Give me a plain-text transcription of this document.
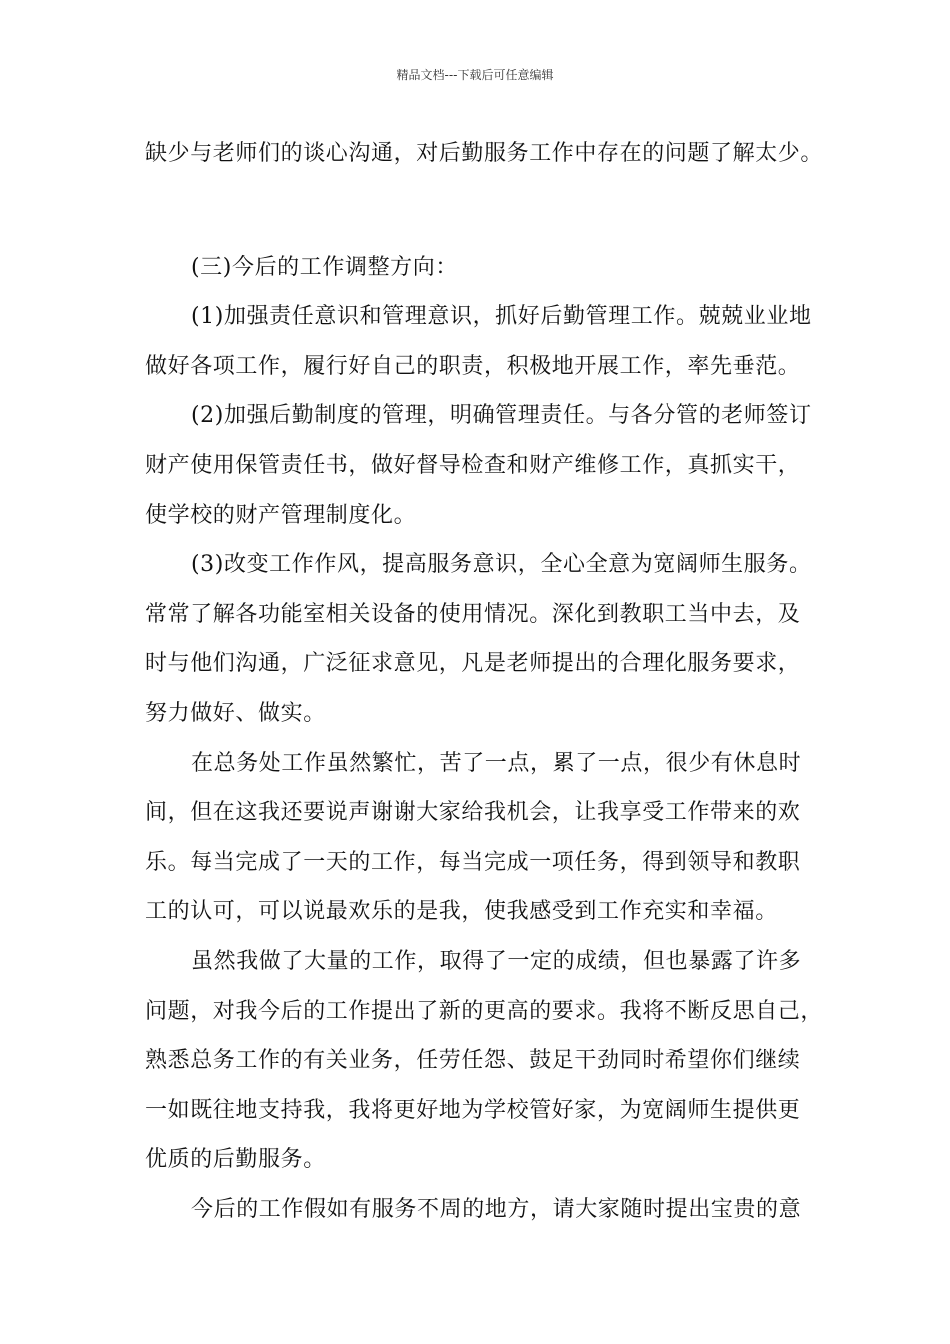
精品文档---下载后可任意编辑
缺少与老师们的谈心沟通，对后勤服务工作中存在的问题了解太少。
(三)今后的工作调整方向：
(1)加强责任意识和管理意识，抓好后勤管理工作。兢兢业业地
做好各项工作，履行好自己的职责，积极地开展工作，率先垂范。
(2)加强后勤制度的管理，明确管理责任。与各分管的老师签订
财产使用保管责任书，做好督导检查和财产维修工作，真抓实干，
使学校的财产管理制度化。
(3)改变工作作风，提高服务意识，全心全意为宽阔师生服务。
常常了解各功能室相关设备的使用情况。深化到教职工当中去，及
时与他们沟通，广泛征求意见，凡是老师提出的合理化服务要求，
努力做好、做实。
在总务处工作虽然繁忙，苦了一点，累了一点，很少有休息时
间，但在这我还要说声谢谢大家给我机会，让我享受工作带来的欢
乐。每当完成了一天的工作，每当完成一项任务，得到领导和教职
工的认可，可以说最欢乐的是我，使我感受到工作充实和幸福。
虽然我做了大量的工作，取得了一定的成绩，但也暴露了许多
问题，对我今后的工作提出了新的更高的要求。我将不断反思自己，
熟悉总务工作的有关业务，任劳任怨、鼓足干劲同时希望你们继续
一如既往地支持我，我将更好地为学校管好家，为宽阔师生提供更
优质的后勤服务。
今后的工作假如有服务不周的地方，请大家随时提出宝贵的意
